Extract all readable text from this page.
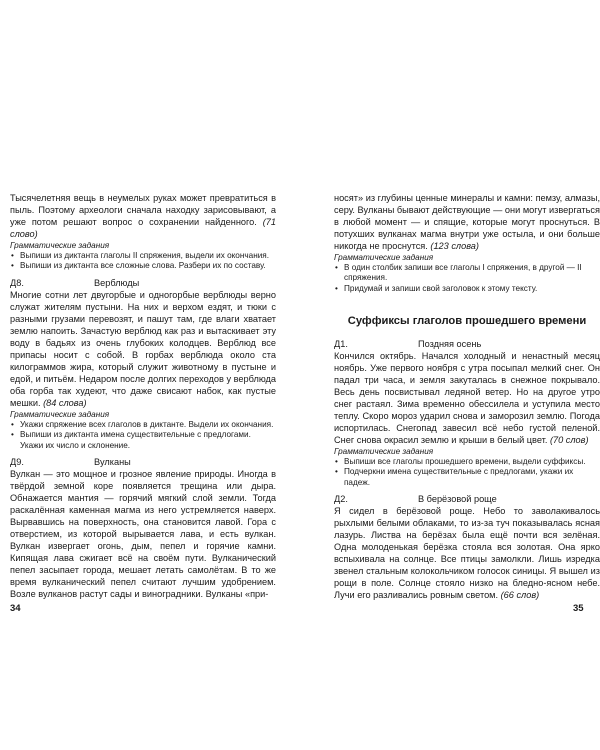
Тысячелетняя вещь в неумелых руках может превратиться в пыль. Поэтому археологи сначала находку зарисовывают, а уже потом решают вопрос о сохранении найденного. (71 слово)

Грамматические задания
• Выпиши из диктанта глаголы II спряжения, выдели их окончания.
• Выпиши из диктанта все сложные слова. Разбери их по составу.
Д8.	Верблюды

Многие сотни лет двугорбые и одногорбые верблюды верно служат жителям пустыни. На них и верхом ездят, и тюки с разными грузами перевозят, и пашут там, где влаги хватает землю напоить. Зачастую верблюд как раз и вытаскивает эту воду в бадьях из очень глубоких колодцев. Верблюд все припасы носит с собой. В горбах верблюда около ста килограммов жира, который служит животному в пустыне и едой, и питьём. Недаром после долгих переходов у верблюда оба горба так худеют, что даже свисают набок, как пустые мешки. (84 слова)

Грамматические задания
• Укажи спряжение всех глаголов в диктанте. Выдели их окончания.
• Выпиши из диктанта имена существительные с предлогами. Укажи их число и склонение.
Д9.	Вулканы

Вулкан — это мощное и грозное явление природы. Иногда в твёрдой земной коре появляется трещина или дыра. Обнажается мантия — горячий мягкий слой земли. Тогда раскалённая каменная магма из него устремляется наверх. Вырвавшись на поверхность, она становится лавой. Гора с отверстием, из которой вырывается лава, и есть вулкан. Вулкан извергает огонь, дым, пепел и горячие камни. Кипящая лава сжигает всё на своём пути. Вулканический пепел засыпает города, мешает летать самолётам. В то же время вулканический пепел считают лучшим удобрением. Возле вулканов растут сады и виноградники. Вулканы «при-

носят» из глубины ценные минералы и камни: пемзу, алмазы, серу. Вулканы бывают действующие — они могут извергаться в любой момент — и спящие, которые могут проснуться. В потухших вулканах магма внутри уже остыла, и они больше никогда не проснутся. (123 слова)

Грамматические задания
• В один столбик запиши все глаголы I спряжения, в другой — II спряжения.
• Придумай и запиши свой заголовок к этому тексту.
Суффиксы глаголов прошедшего времени
Д1.	Поздняя осень

Кончился октябрь. Начался холодный и ненастный месяц ноябрь. Уже первого ноября с утра посыпал мелкий снег. Он падал три часа, и земля закуталась в снежное покрывало. Весь день посвистывал ледяной ветер. Но на другое утро снег растаял. Зима временно обессилела и уступила место теплу. Скоро мороз ударил снова и заморозил землю. Погода испортилась. Снегопад завесил всё небо густой пеленой. Снег снова окрасил землю и крыши в белый цвет. (70 слов)

Грамматические задания
• Выпиши все глаголы прошедшего времени, выдели суффиксы.
• Подчеркни имена существительные с предлогами, укажи их падеж.
Д2.	В берёзовой роще

Я сидел в берёзовой роще. Небо то заволакивалось рыхлыми белыми облаками, то из-за туч показывалась ясная лазурь. Листва на берёзах была ещё почти вся зелёная. Одна молоденькая берёзка стояла вся золотая. Она ярко вспыхивала на солнце. Все птицы замолкли. Лишь изредка звенел стальным колокольчиком голосок синицы. Я вышел из рощи в поле. Солнце стояло низко на бледно-ясном небе. Лучи его разливались ровным светом. (66 слов)

34	35
